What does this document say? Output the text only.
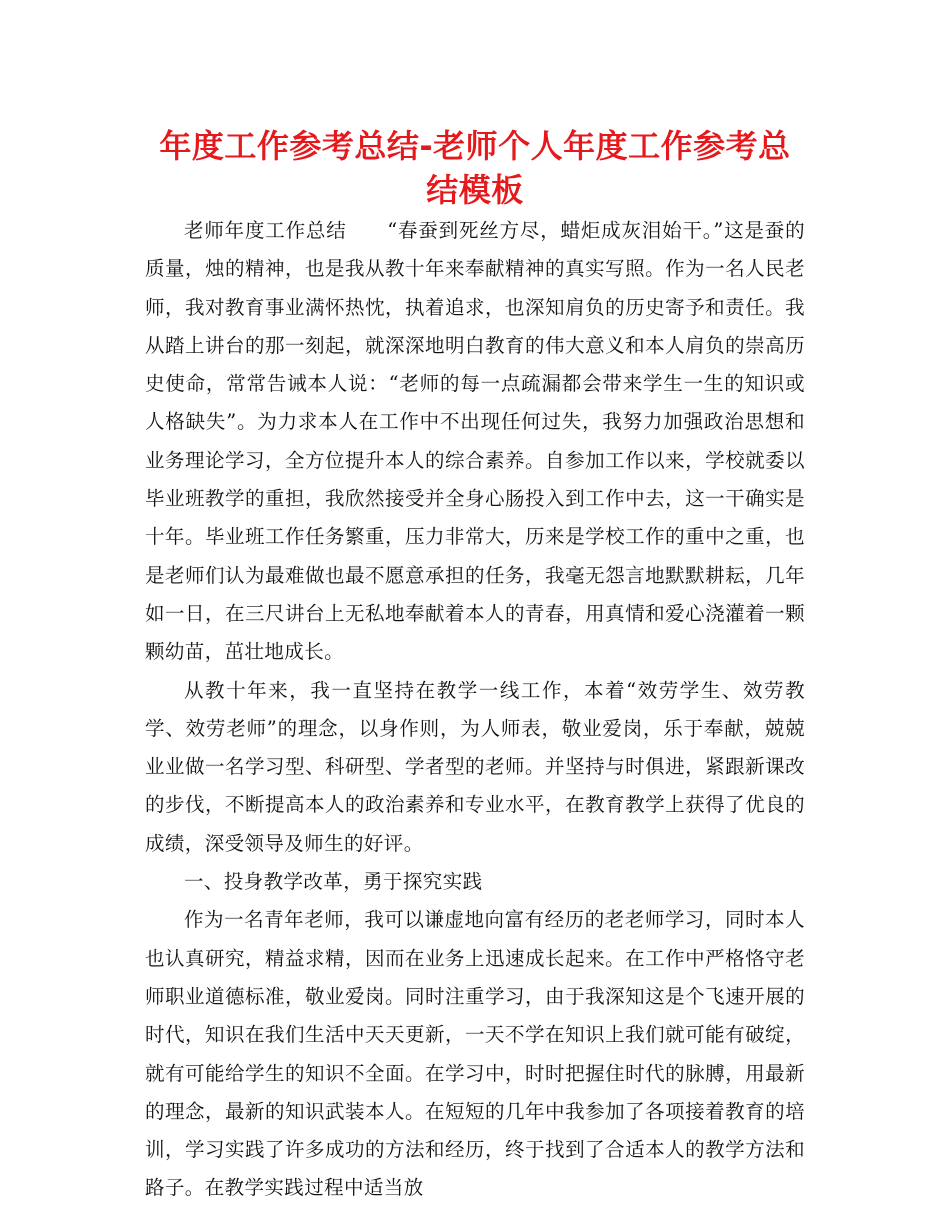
年度工作参考总结-老师个人年度工作参考总结模板

老师年度工作总结　　“春蚕到死丝方尽，蜡炬成灰泪始干。”这是蚕的质量，烛的精神，也是我从教十年来奉献精神的真实写照。作为一名人民老师，我对教育事业满怀热忱，执着追求，也深知肩负的历史寄予和责任。我从踏上讲台的那一刻起，就深深地明白教育的伟大意义和本人肩负的崇高历史使命，常常告诫本人说：“老师的每一点疏漏都会带来学生一生的知识或人格缺失”。为力求本人在工作中不出现任何过失，我努力加强政治思想和业务理论学习，全方位提升本人的综合素养。自参加工作以来，学校就委以毕业班教学的重担，我欣然接受并全身心肠投入到工作中去，这一干确实是十年。毕业班工作任务繁重，压力非常大，历来是学校工作的重中之重，也是老师们认为最难做也最不愿意承担的任务，我毫无怨言地默默耕耘，几年如一日，在三尺讲台上无私地奉献着本人的青春，用真情和爱心浇灌着一颗颗幼苗，茁壮地成长。

从教十年来，我一直坚持在教学一线工作，本着“效劳学生、效劳教学、效劳老师”的理念，以身作则，为人师表，敬业爱岗，乐于奉献，兢兢业业做一名学习型、科研型、学者型的老师。并坚持与时俱进，紧跟新课改的步伐，不断提高本人的政治素养和专业水平，在教育教学上获得了优良的成绩，深受领导及师生的好评。

一、投身教学改革，勇于探究实践

作为一名青年老师，我可以谦虚地向富有经历的老老师学习，同时本人也认真研究，精益求精，因而在业务上迅速成长起来。在工作中严格恪守老师职业道德标准，敬业爱岗。同时注重学习，由于我深知这是个飞速开展的时代，知识在我们生活中天天更新，一天不学在知识上我们就可能有破绽，就有可能给学生的知识不全面。在学习中，时时把握住时代的脉膊，用最新的理念，最新的知识武装本人。在短短的几年中我参加了各项接着教育的培训，学习实践了许多成功的方法和经历，终于找到了合适本人的教学方法和路子。在教学实践过程中适当放
